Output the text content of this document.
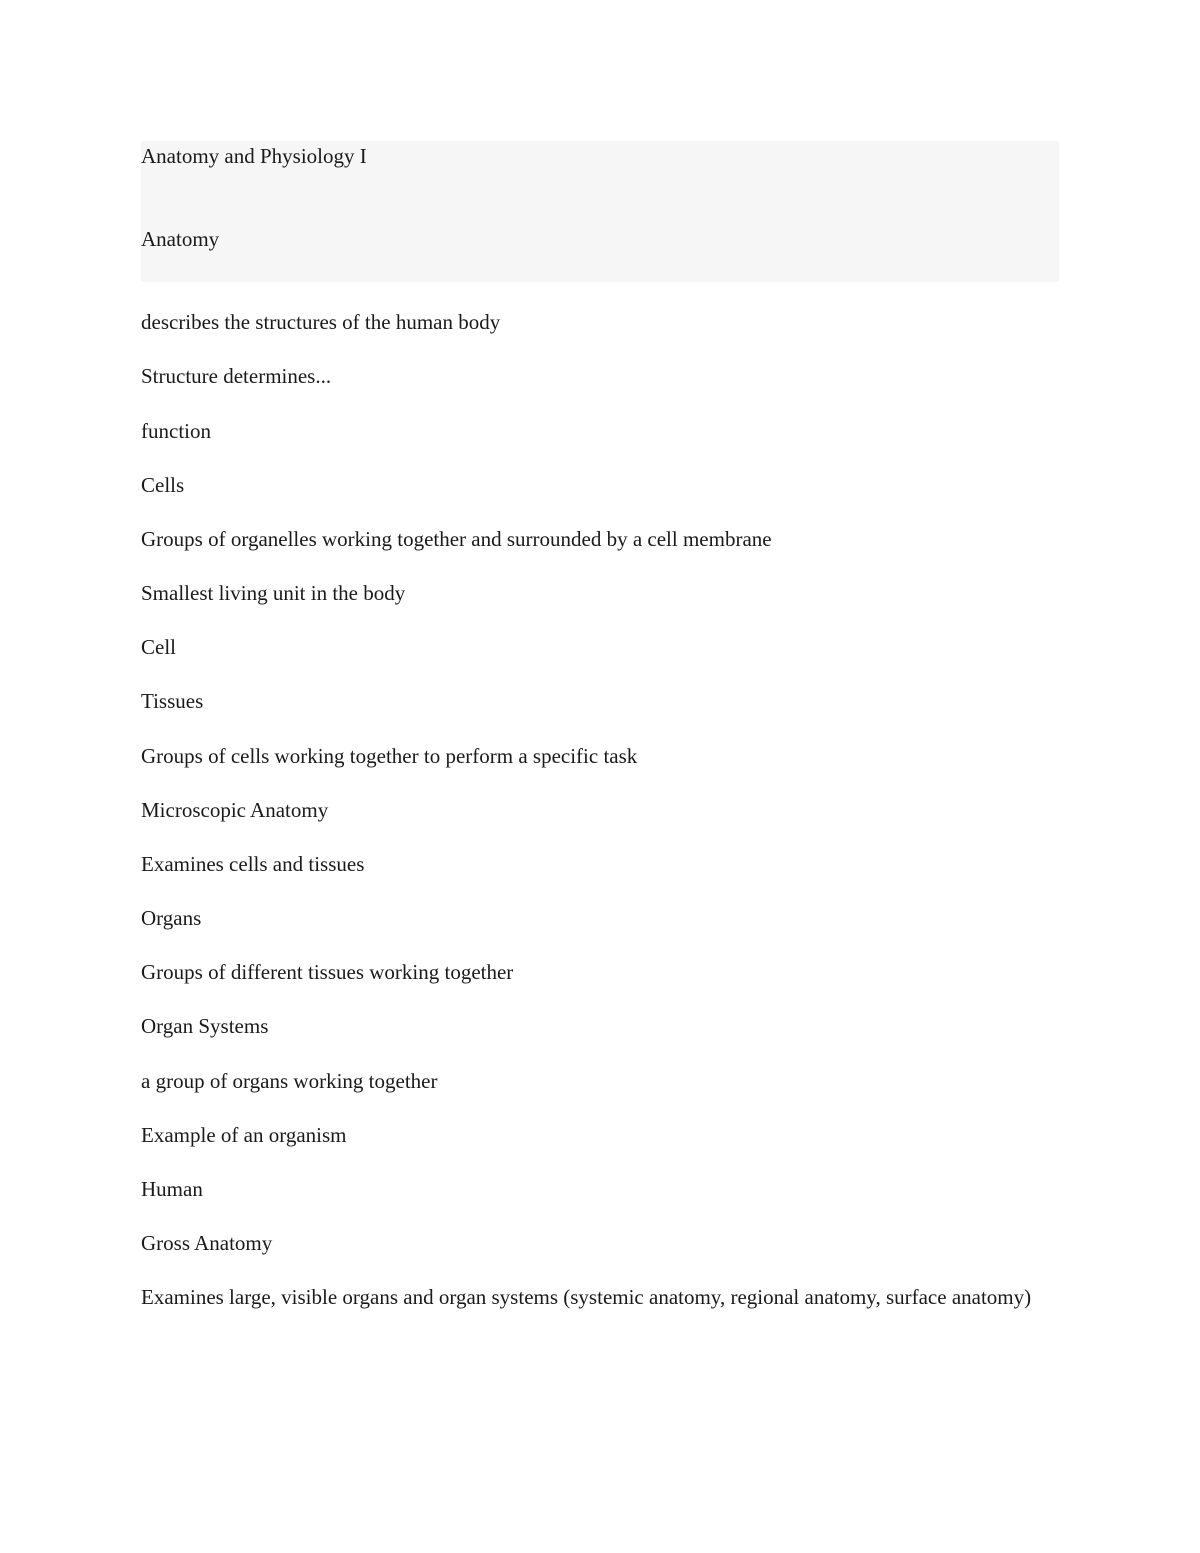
Anatomy and Physiology I
Anatomy
describes the structures of the human body
Structure determines...
function
Cells
Groups of organelles working together and surrounded by a cell membrane
Smallest living unit in the body
Cell
Tissues
Groups of cells working together to perform a specific task
Microscopic Anatomy
Examines cells and tissues
Organs
Groups of different tissues working together
Organ Systems
a group of organs working together
Example of an organism
Human
Gross Anatomy
Examines large, visible organs and organ systems (systemic anatomy, regional anatomy, surface anatomy)
